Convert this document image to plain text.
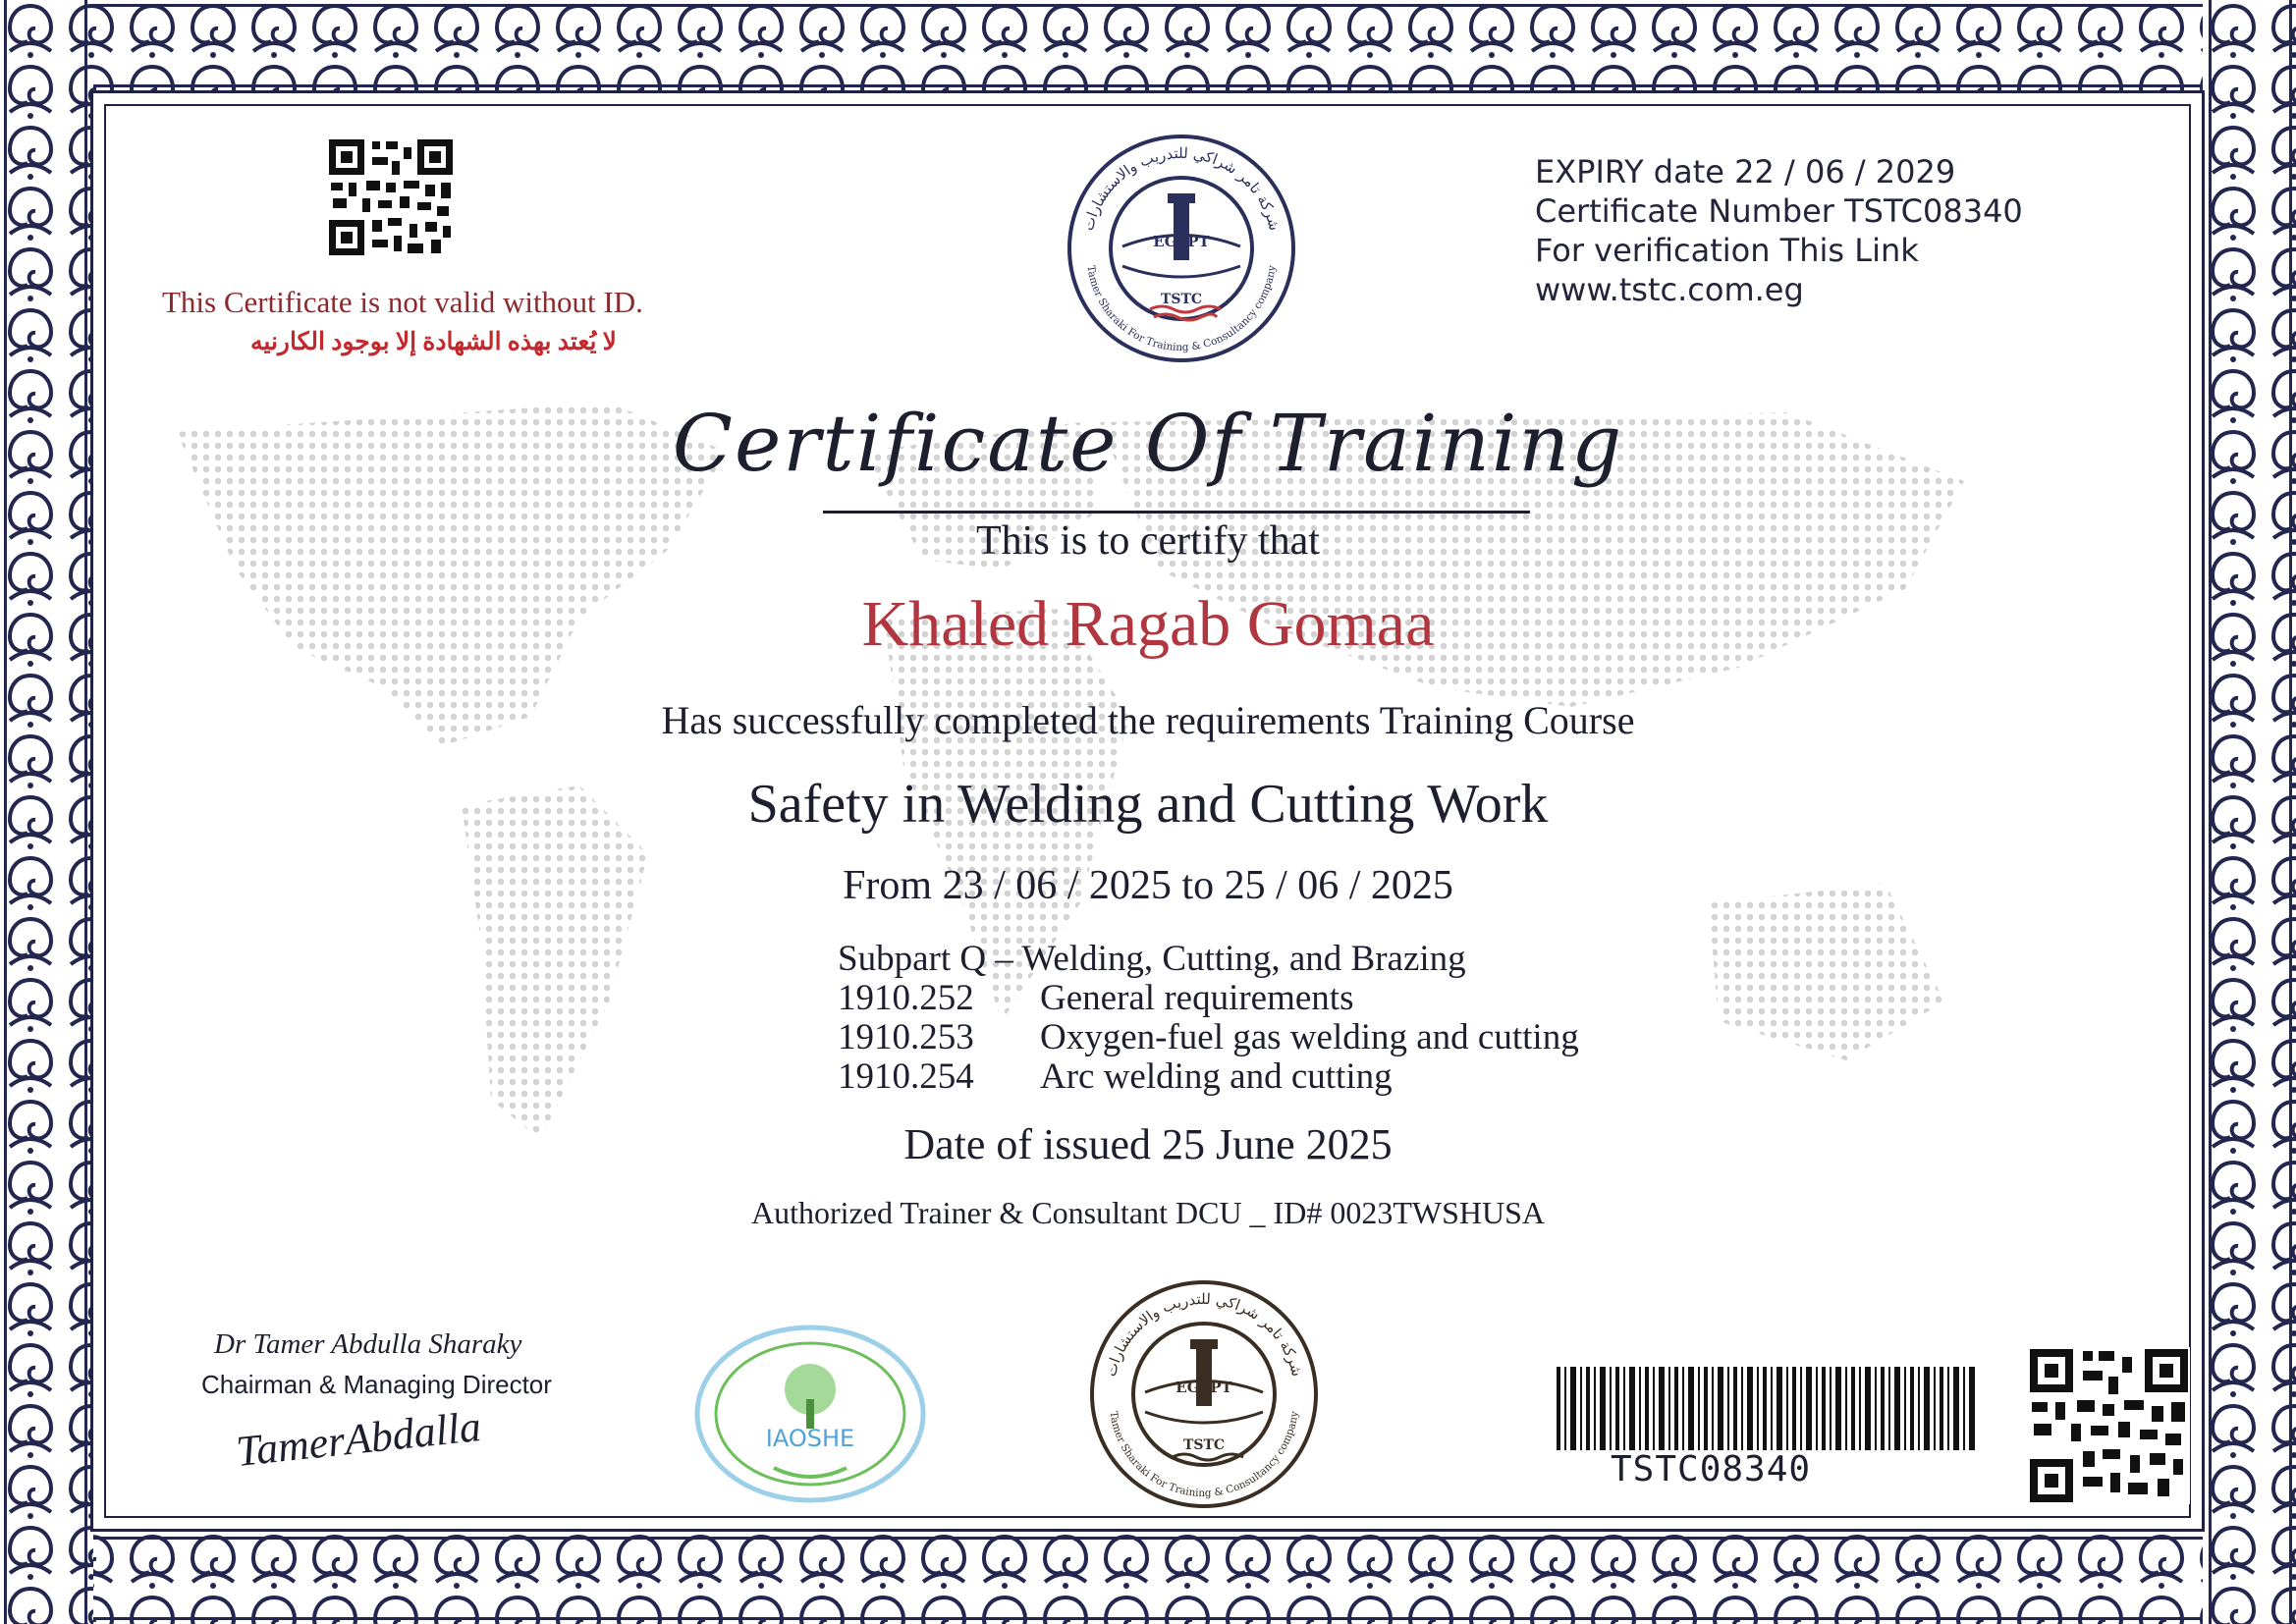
This Certificate is not valid without ID.
لا يُعتد بهذه الشهادة إلا بوجود الكارنيه
شركة تامر شراكي للتدريب والاستشارات
Tamer Sharaki For Training & Consultancy company
EGYPT
TSTC
EXPIRY date 22 / 06 / 2029
Certificate Number TSTC08340
For verification This Link
www.tstc.com.eg
Certificate Of Training
This is to certify that
Khaled Ragab Gomaa
Has successfully completed the requirements Training Course
Safety in Welding and Cutting Work
From 23 / 06 / 2025 to 25 / 06 / 2025
Subpart Q – Welding, Cutting, and Brazing
1910.252	General requirements
1910.253	Oxygen-fuel gas welding and cutting
1910.254	Arc welding and cutting
Date of issued 25 June 2025
Authorized Trainer & Consultant DCU _ ID# 0023TWSHUSA
Dr Tamer Abdulla Sharaky
Chairman & Managing Director
TamerAbdalla	IAOSHE
شركة تامر شراكي للتدريب والاستشارات
Tamer Sharaki For Training & Consultancy company
EGYPT
TSTC
TSTC08340
